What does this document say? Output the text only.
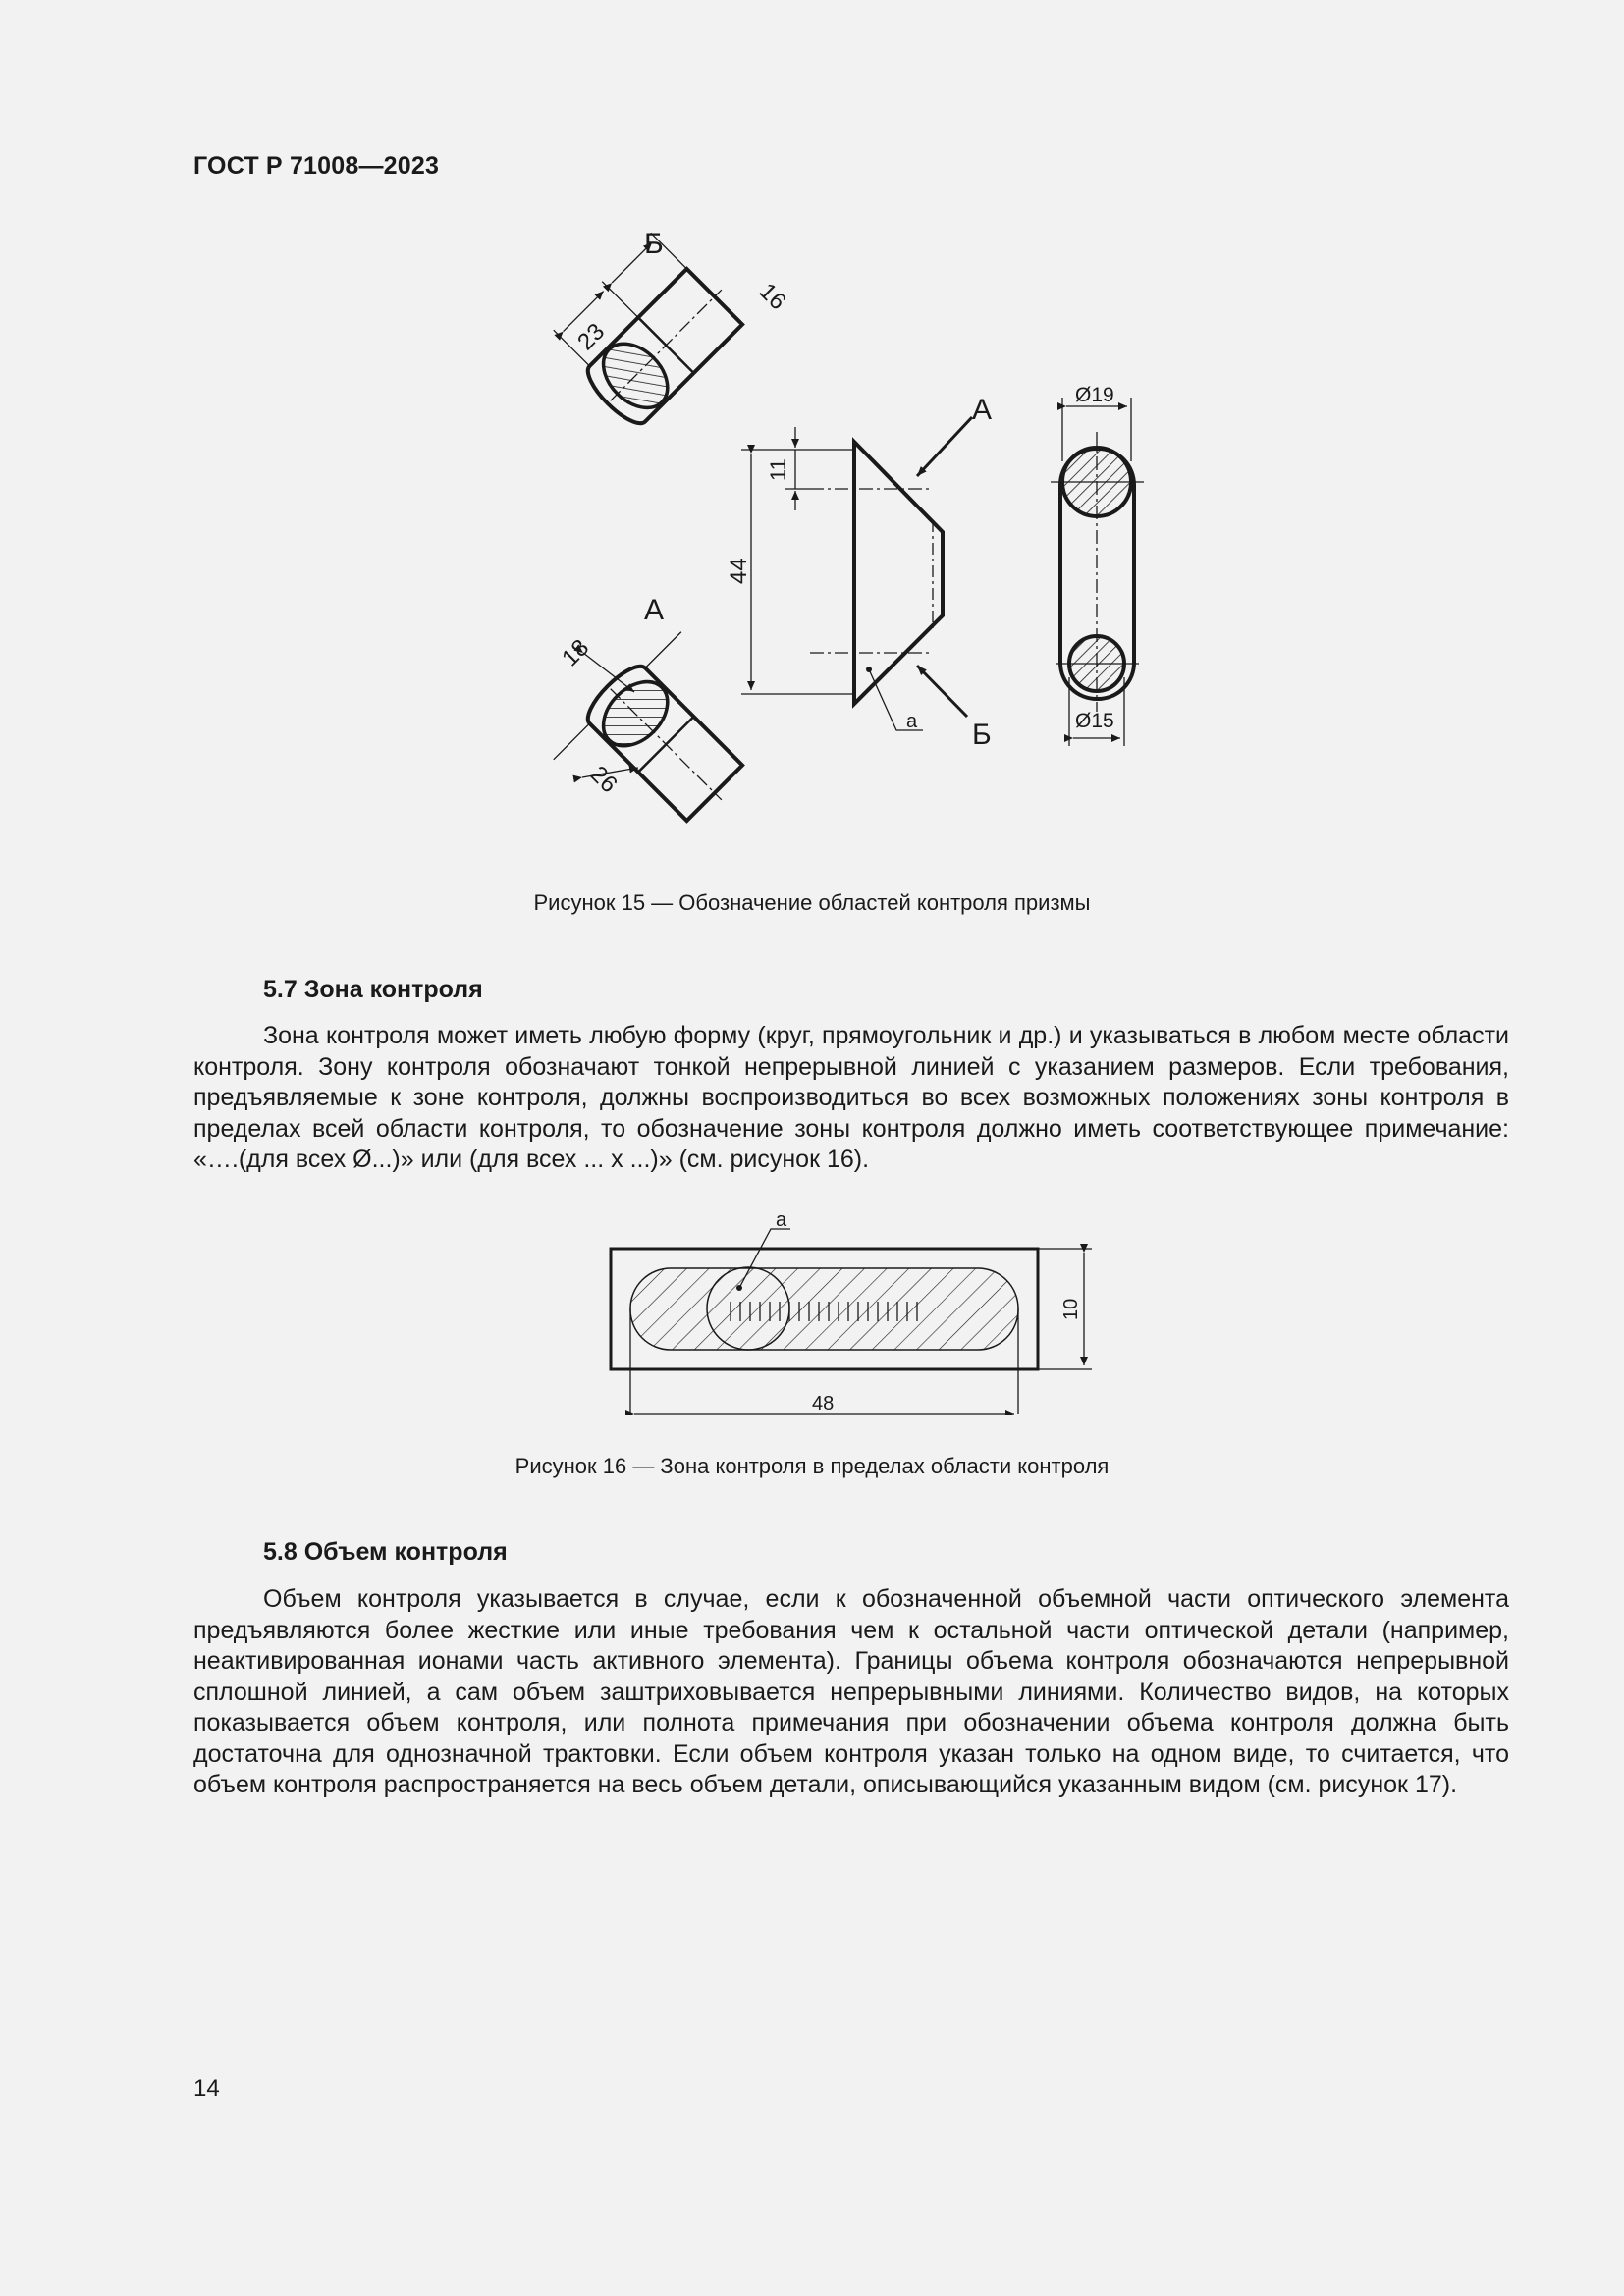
ГОСТ Р 71008—2023
Б
23
16
А
18
26
11
44
а
А
Б
Ø19
Ø15
Рисунок 15 — Обозначение областей контроля призмы
5.7 Зона контроля

Зона контроля может иметь любую форму (круг, прямоугольник и др.) и указываться в любом месте области контроля. Зону контроля обозначают тонкой непрерывной линией с указанием размеров. Если требования, предъявляемые к зоне контроля, должны воспроизводиться во всех возможных положениях зоны контроля в пределах всей области контроля, то обозначение зоны контроля должно иметь соответствующее примечание: «….(для всех Ø...)» или (для всех ... х ...)» (см. рисунок 16).

а
10
48
Рисунок 16 — Зона контроля в пределах области контроля
5.8 Объем контроля

Объем контроля указывается в случае, если к обозначенной объемной части оптического элемента предъявляются более жесткие или иные требования чем к остальной части оптической детали (например, неактивированная ионами часть активного элемента). Границы объема контроля обозначаются непрерывной сплошной линией, а сам объем заштриховывается непрерывными линиями. Количество видов, на которых показывается объем контроля, или полнота примечания при обозначении объема контроля должна быть достаточна для однозначной трактовки. Если объем контроля указан только на одном виде, то считается, что объем контроля распространяется на весь объем детали, описывающийся указанным видом (см. рисунок 17).

14
